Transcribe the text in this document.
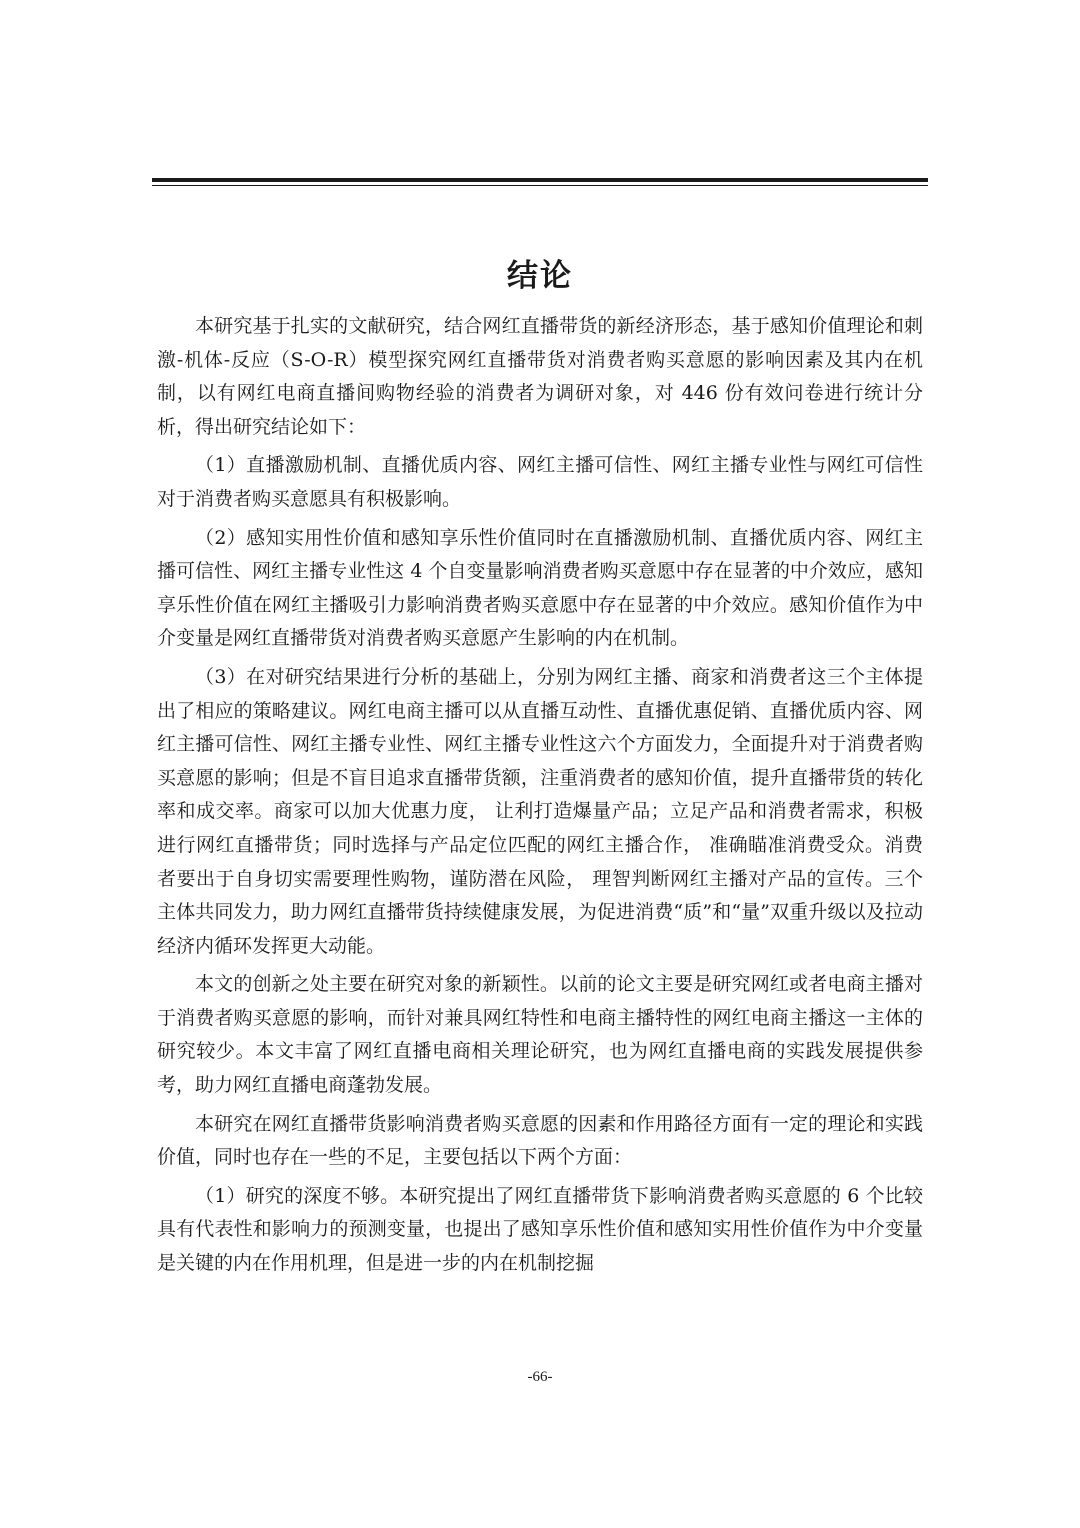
结论

本研究基于扎实的文献研究，结合网红直播带货的新经济形态，基于感知价值理论和刺激-机体-反应（S-O-R）模型探究网红直播带货对消费者购买意愿的影响因素及其内在机制，以有网红电商直播间购物经验的消费者为调研对象，对 446 份有效问卷进行统计分析，得出研究结论如下：

（1）直播激励机制、直播优质内容、网红主播可信性、网红主播专业性与网红可信性对于消费者购买意愿具有积极影响。

（2）感知实用性价值和感知享乐性价值同时在直播激励机制、直播优质内容、网红主播可信性、网红主播专业性这 4 个自变量影响消费者购买意愿中存在显著的中介效应，感知享乐性价值在网红主播吸引力影响消费者购买意愿中存在显著的中介效应。感知价值作为中介变量是网红直播带货对消费者购买意愿产生影响的内在机制。

（3）在对研究结果进行分析的基础上，分别为网红主播、商家和消费者这三个主体提出了相应的策略建议。网红电商主播可以从直播互动性、直播优惠促销、直播优质内容、网红主播可信性、网红主播专业性、网红主播专业性这六个方面发力，全面提升对于消费者购买意愿的影响；但是不盲目追求直播带货额，注重消费者的感知价值，提升直播带货的转化率和成交率。商家可以加大优惠力度， 让利打造爆量产品；立足产品和消费者需求，积极进行网红直播带货；同时选择与产品定位匹配的网红主播合作， 准确瞄准消费受众。消费者要出于自身切实需要理性购物，谨防潜在风险， 理智判断网红主播对产品的宣传。三个主体共同发力，助力网红直播带货持续健康发展，为促进消费“质”和“量”双重升级以及拉动经济内循环发挥更大动能。

本文的创新之处主要在研究对象的新颖性。以前的论文主要是研究网红或者电商主播对于消费者购买意愿的影响，而针对兼具网红特性和电商主播特性的网红电商主播这一主体的研究较少。本文丰富了网红直播电商相关理论研究，也为网红直播电商的实践发展提供参考，助力网红直播电商蓬勃发展。

本研究在网红直播带货影响消费者购买意愿的因素和作用路径方面有一定的理论和实践价值，同时也存在一些的不足，主要包括以下两个方面：

（1）研究的深度不够。本研究提出了网红直播带货下影响消费者购买意愿的 6 个比较具有代表性和影响力的预测变量，也提出了感知享乐性价值和感知实用性价值作为中介变量是关键的内在作用机理，但是进一步的内在机制挖掘

-66-
